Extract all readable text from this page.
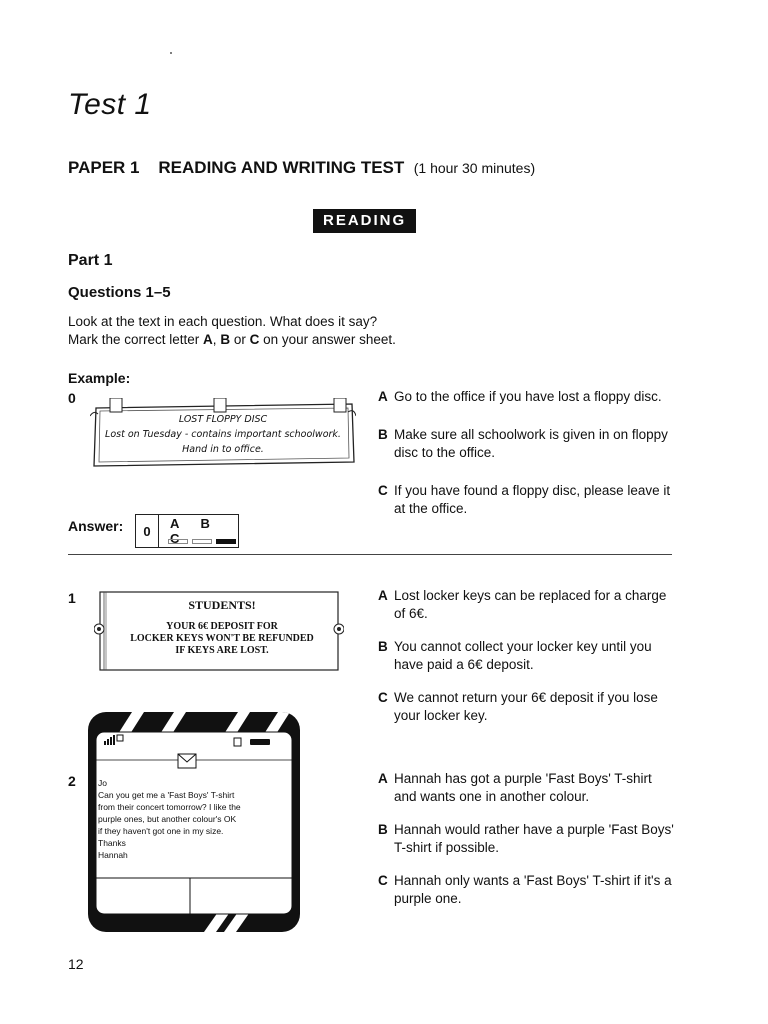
Test 1
PAPER 1 READING AND WRITING TEST (1 hour 30 minutes)
READING
Part 1
Questions 1–5
Look at the text in each question. What does it say?
Mark the correct letter A, B or C on your answer sheet.
Example:
0
LOST FLOPPY DISC
Lost on Tuesday - contains important schoolwork.
Hand in to office.
A Go to the office if you have lost a floppy disc.
B Make sure all schoolwork is given in on floppy disc to the office.
C If you have found a floppy disc, please leave it at the office.
Answer:	0
A B C
1	STUDENTS!
YOUR 6€ DEPOSIT FOR
LOCKER KEYS WON'T BE REFUNDED
IF KEYS ARE LOST.
A Lost locker keys can be replaced for a charge of 6€.
B You cannot collect your locker key until you have paid a 6€ deposit.
C We cannot return your 6€ deposit if you lose your locker key.
2	Jo
Can you get me a 'Fast Boys' T-shirt
from their concert tomorrow? I like the
purple ones, but another colour's OK
if they haven't got one in my size.
Thanks
Hannah
A Hannah has got a purple 'Fast Boys' T-shirt and wants one in another colour.
B Hannah would rather have a purple 'Fast Boys' T-shirt if possible.
C Hannah only wants a 'Fast Boys' T-shirt if it's a purple one.
12
